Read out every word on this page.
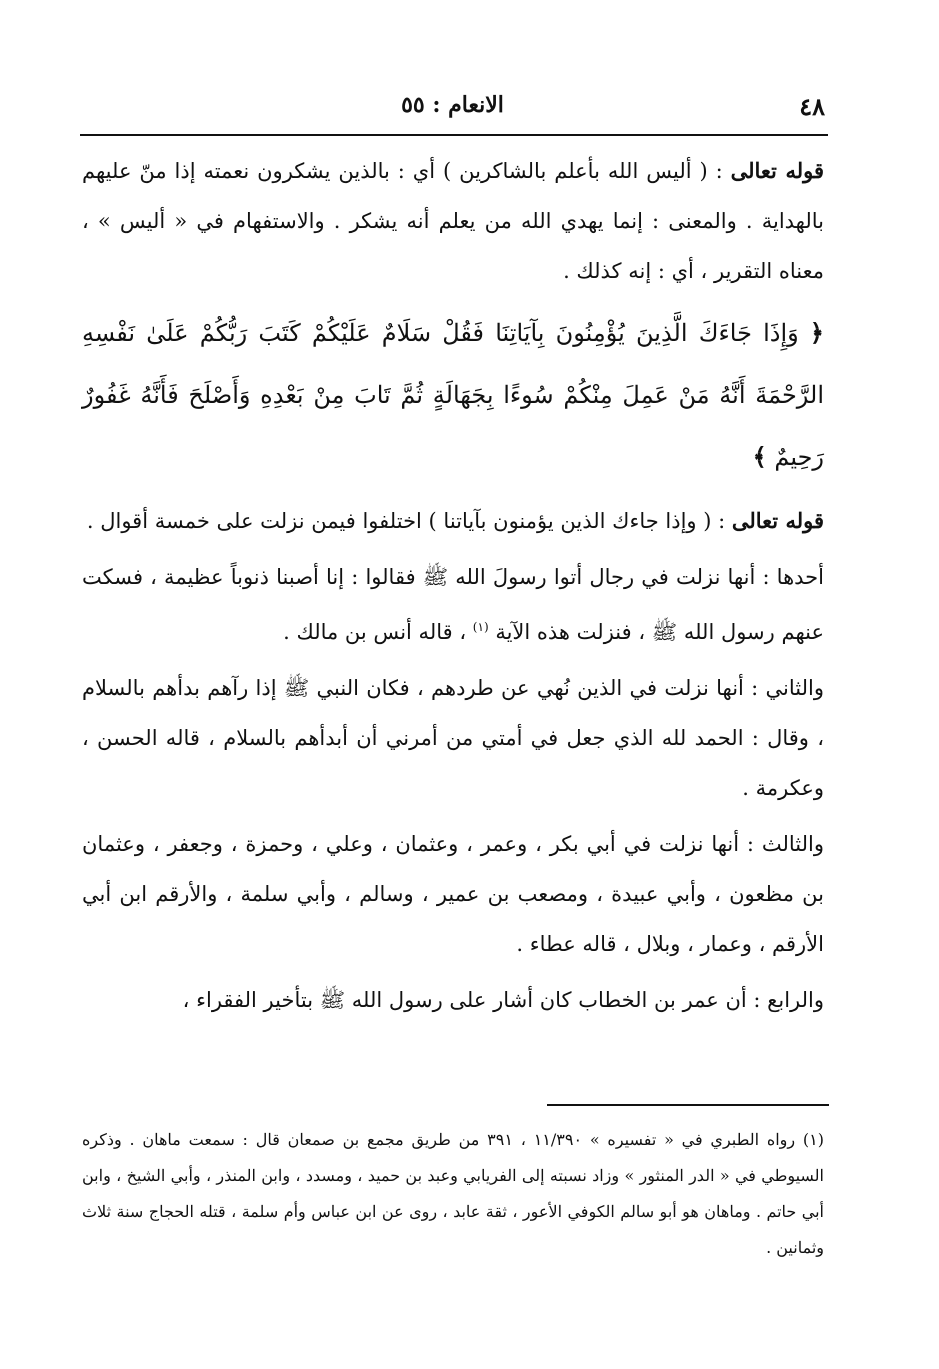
٤٨
الانعام : ٥٥

قوله تعالى : ( أليس الله بأعلم بالشاكرين ) أي : بالذين يشكرون نعمته إذا منّ عليهم بالهداية . والمعنى : إنما يهدي الله من يعلم أنه يشكر . والاستفهام في « أليس » ، معناه التقرير ، أي : إنه كذلك .

﴿ وَإِذَا جَاءَكَ الَّذِينَ يُؤْمِنُونَ بِآيَاتِنَا فَقُلْ سَلَامٌ عَلَيْكُمْ كَتَبَ رَبُّكُمْ عَلَىٰ نَفْسِهِ الرَّحْمَةَ أَنَّهُ مَنْ عَمِلَ مِنْكُمْ سُوءًا بِجَهَالَةٍ ثُمَّ تَابَ مِنْ بَعْدِهِ وَأَصْلَحَ فَأَنَّهُ غَفُورٌ رَحِيمٌ ﴾

قوله تعالى : ( وإذا جاءك الذين يؤمنون بآياتنا ) اختلفوا فيمن نزلت على خمسة أقوال .

أحدها : أنها نزلت في رجال أتوا رسولَ الله ﷺ فقالوا : إنا أصبنا ذنوباً عظيمة ، فسكت عنهم رسول الله ﷺ ، فنزلت هذه الآية $^{(١)}$ ، قاله أنس بن مالك .

والثاني : أنها نزلت في الذين نُهي عن طردهم ، فكان النبي ﷺ إذا رآهم بدأهم بالسلام ، وقال : الحمد لله الذي جعل في أمتي من أمرني أن أبدأهم بالسلام ، قاله الحسن ، وعكرمة .

والثالث : أنها نزلت في أبي بكر ، وعمر ، وعثمان ، وعلي ، وحمزة ، وجعفر ، وعثمان بن مظعون ، وأبي عبيدة ، ومصعب بن عمير ، وسالم ، وأبي سلمة ، والأرقم ابن أبي الأرقم ، وعمار ، وبلال ، قاله عطاء .

والرابع : أن عمر بن الخطاب كان أشار على رسول الله ﷺ بتأخير الفقراء ،

(١) رواه الطبري في « تفسيره » ١١/٣٩٠ ، ٣٩١ من طريق مجمع بن صمعان قال : سمعت ماهان . وذكره السيوطي في « الدر المنثور » وزاد نسبته إلى الفريابي وعبد بن حميد ، ومسدد ، وابن المنذر ، وأبي الشيخ ، وابن أبي حاتم . وماهان هو أبو سالم الكوفي الأعور ، ثقة عابد ، روى عن ابن عباس وأم سلمة ، قتله الحجاج سنة ثلاث وثمانين .
